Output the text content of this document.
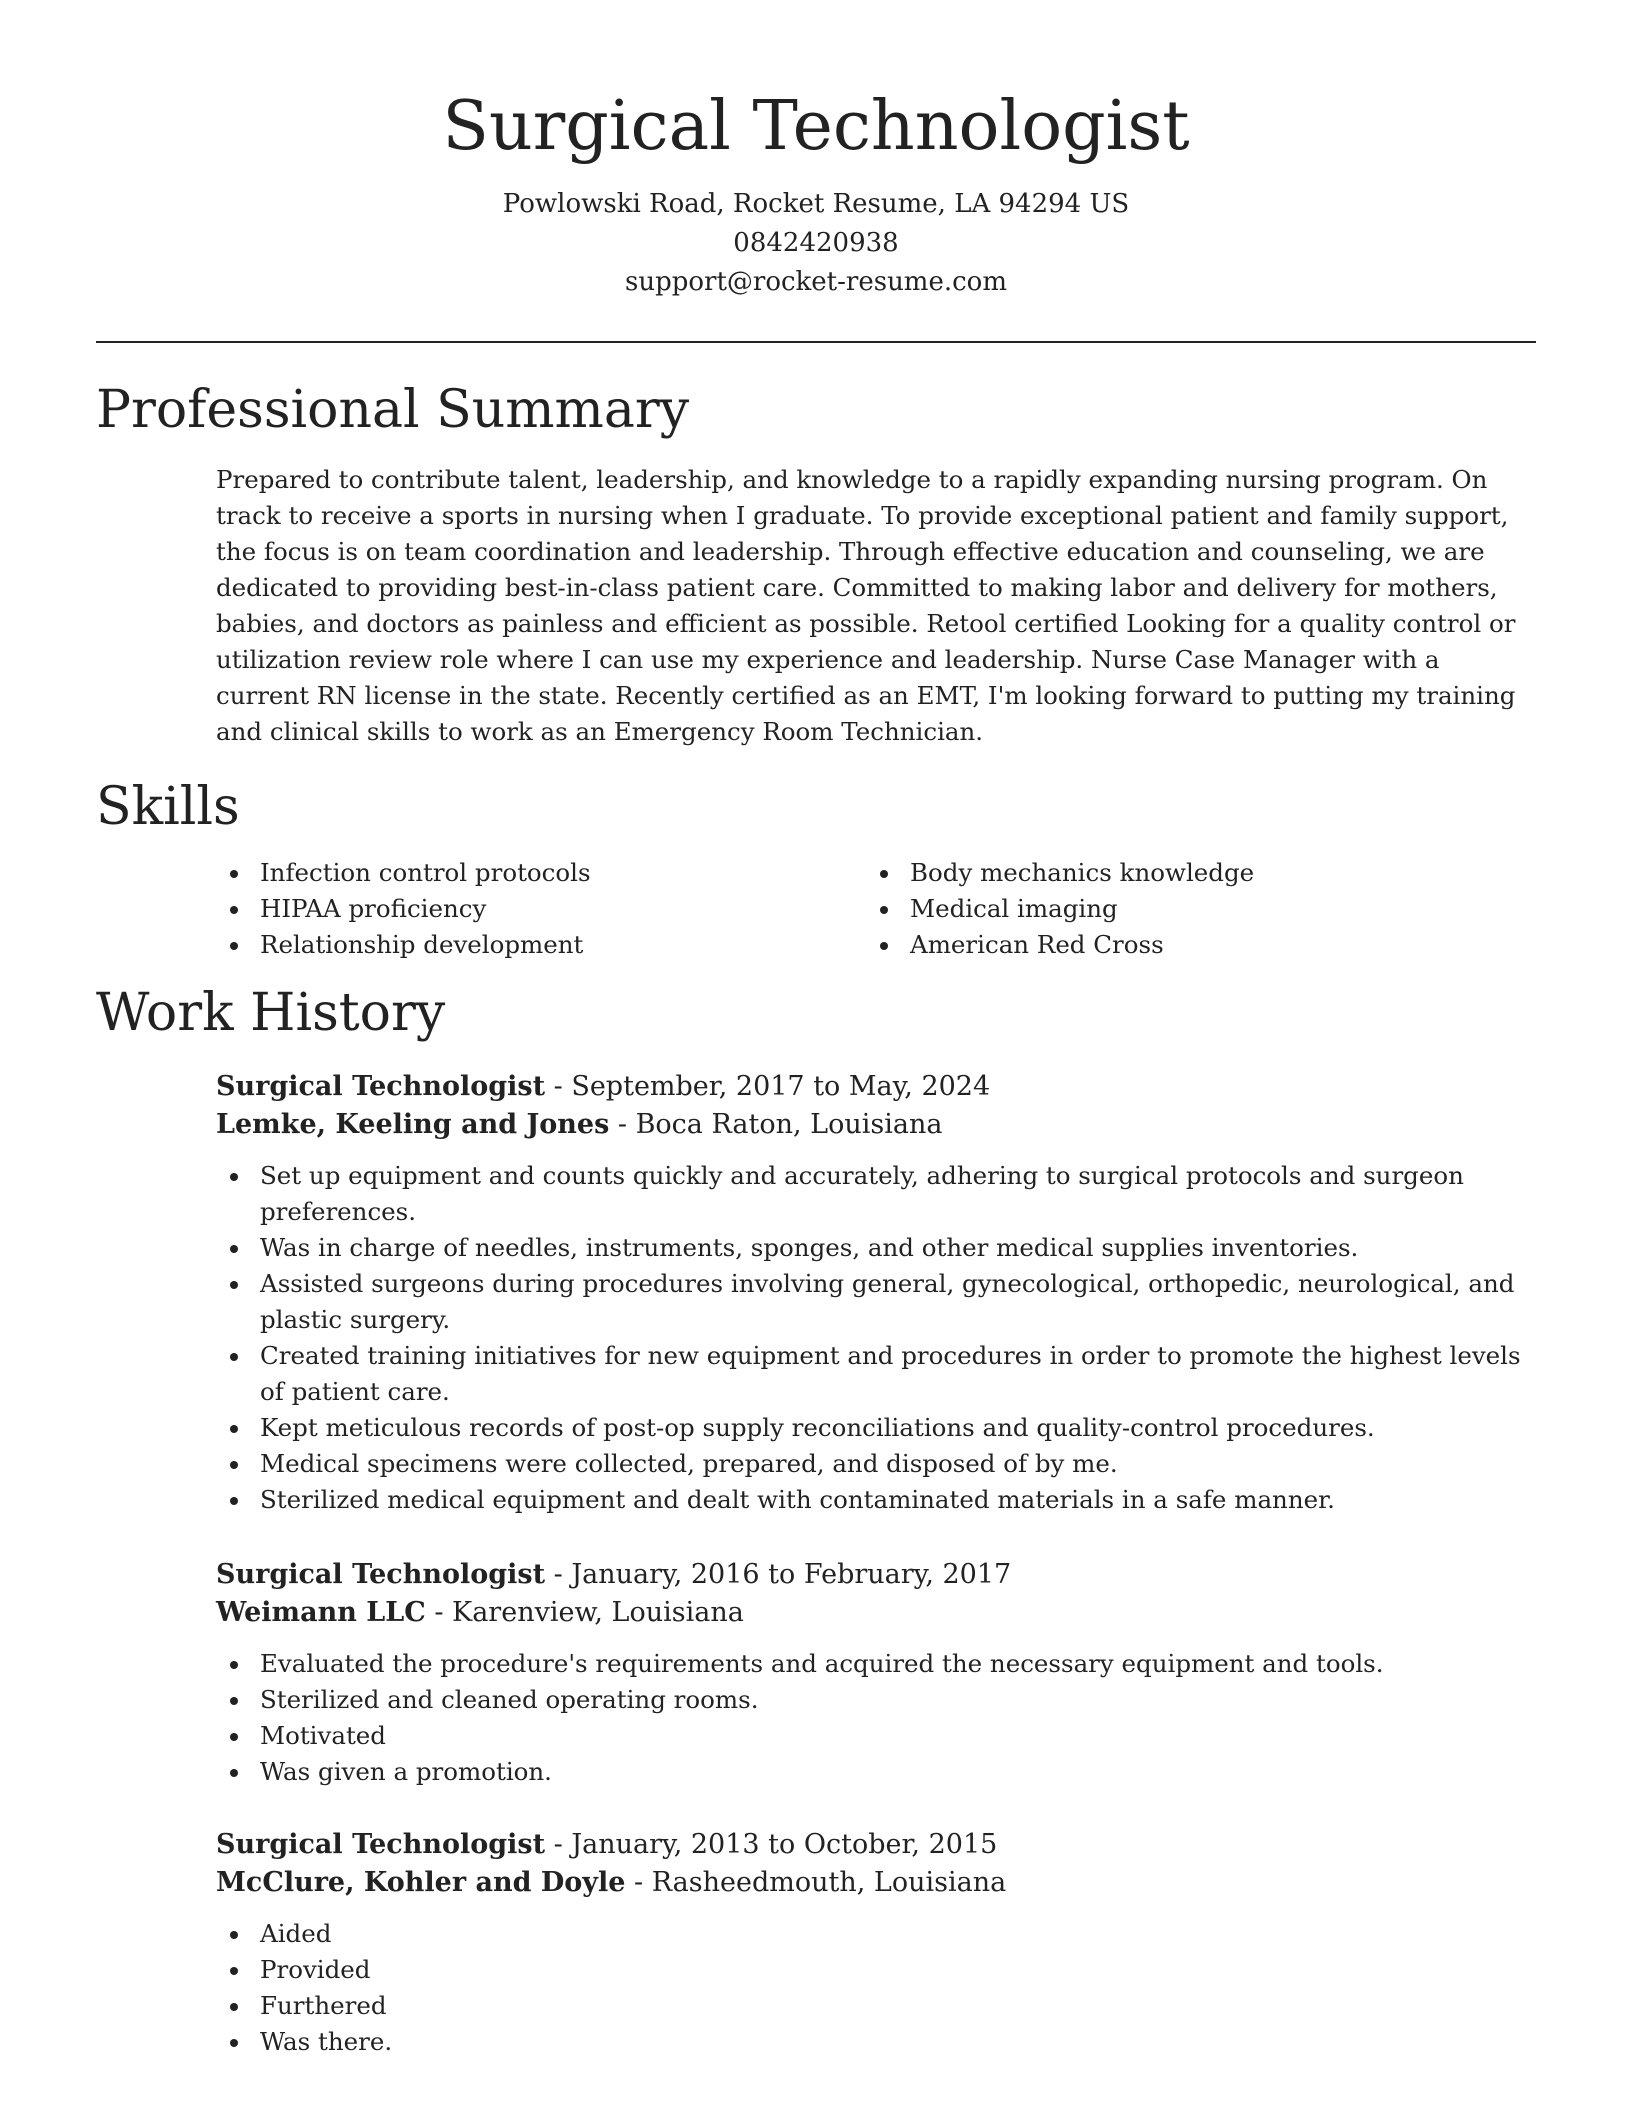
Surgical Technologist
Powlowski Road, Rocket Resume, LA 94294 US
0842420938
support@rocket-resume.com
Professional Summary

Prepared to contribute talent, leadership, and knowledge to a rapidly expanding nursing program. On track to receive a sports in nursing when I graduate. To provide exceptional patient and family support, the focus is on team coordination and leadership. Through effective education and counseling, we are dedicated to providing best-in-class patient care. Committed to making labor and delivery for mothers, babies, and doctors as painless and efficient as possible. Retool certified Looking for a quality control or utilization review role where I can use my experience and leadership. Nurse Case Manager with a current RN license in the state. Recently certified as an EMT, I'm looking forward to putting my training and clinical skills to work as an Emergency Room Technician.

Skills
Infection control protocols
HIPAA proficiency
Relationship development
Body mechanics knowledge
Medical imaging
American Red Cross
Work History
Surgical Technologist - September, 2017 to May, 2024
Lemke, Keeling and Jones - Boca Raton, Louisiana
Set up equipment and counts quickly and accurately, adhering to surgical protocols and surgeon preferences.
Was in charge of needles, instruments, sponges, and other medical supplies inventories.
Assisted surgeons during procedures involving general, gynecological, orthopedic, neurological, and plastic surgery.
Created training initiatives for new equipment and procedures in order to promote the highest levels of patient care.
Kept meticulous records of post-op supply reconciliations and quality-control procedures.
Medical specimens were collected, prepared, and disposed of by me.
Sterilized medical equipment and dealt with contaminated materials in a safe manner.
Surgical Technologist - January, 2016 to February, 2017
Weimann LLC - Karenview, Louisiana
Evaluated the procedure's requirements and acquired the necessary equipment and tools.
Sterilized and cleaned operating rooms.
Motivated
Was given a promotion.
Surgical Technologist - January, 2013 to October, 2015
McClure, Kohler and Doyle - Rasheedmouth, Louisiana
Aided
Provided
Furthered
Was there.
